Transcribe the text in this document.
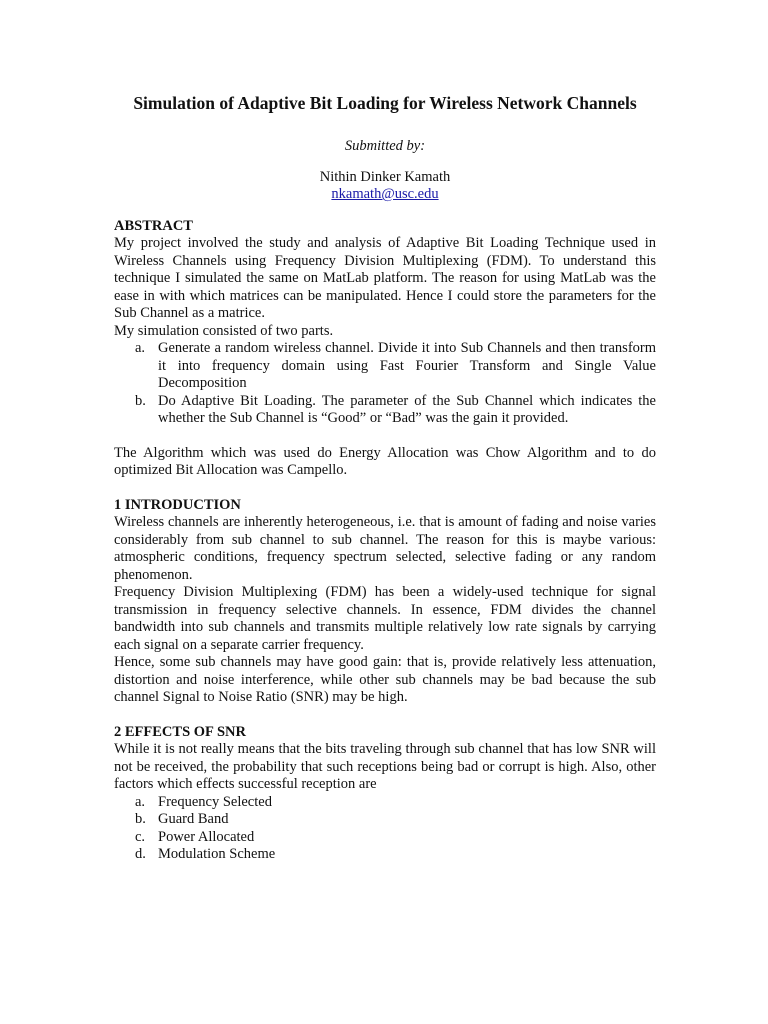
Simulation of Adaptive Bit Loading for Wireless Network Channels
Submitted by:
Nithin Dinker Kamath
nkamath@usc.edu
ABSTRACT

My project involved the study and analysis of Adaptive Bit Loading Technique used in Wireless Channels using Frequency Division Multiplexing (FDM). To understand this technique I simulated the same on MatLab platform. The reason for using MatLab was the ease in with which matrices can be manipulated. Hence I could store the parameters for the Sub Channel as a matrice.

My simulation consisted of two parts.

a. Generate a random wireless channel. Divide it into Sub Channels and then transform it into frequency domain using Fast Fourier Transform and Single Value Decomposition
b. Do Adaptive Bit Loading. The parameter of the Sub Channel which indicates the whether the Sub Channel is “Good” or “Bad” was the gain it provided.

The Algorithm which was used do Energy Allocation was Chow Algorithm and to do optimized Bit Allocation was Campello.

1 INTRODUCTION

Wireless channels are inherently heterogeneous, i.e. that is amount of fading and noise varies considerably from sub channel to sub channel. The reason for this is maybe various: atmospheric conditions, frequency spectrum selected, selective fading or any random phenomenon.

Frequency Division Multiplexing (FDM) has been a widely-used technique for signal transmission in frequency selective channels. In essence, FDM divides the channel bandwidth into sub channels and transmits multiple relatively low rate signals by carrying each signal on a separate carrier frequency.

Hence, some sub channels may have good gain: that is, provide relatively less attenuation, distortion and noise interference, while other sub channels may be bad because the sub channel Signal to Noise Ratio (SNR) may be high.

2 EFFECTS OF SNR

While it is not really means that the bits traveling through sub channel that has low SNR will not be received, the probability that such receptions being bad or corrupt is high. Also, other factors which effects successful reception are

a. Frequency Selected
b. Guard Band
c. Power Allocated
d. Modulation Scheme
